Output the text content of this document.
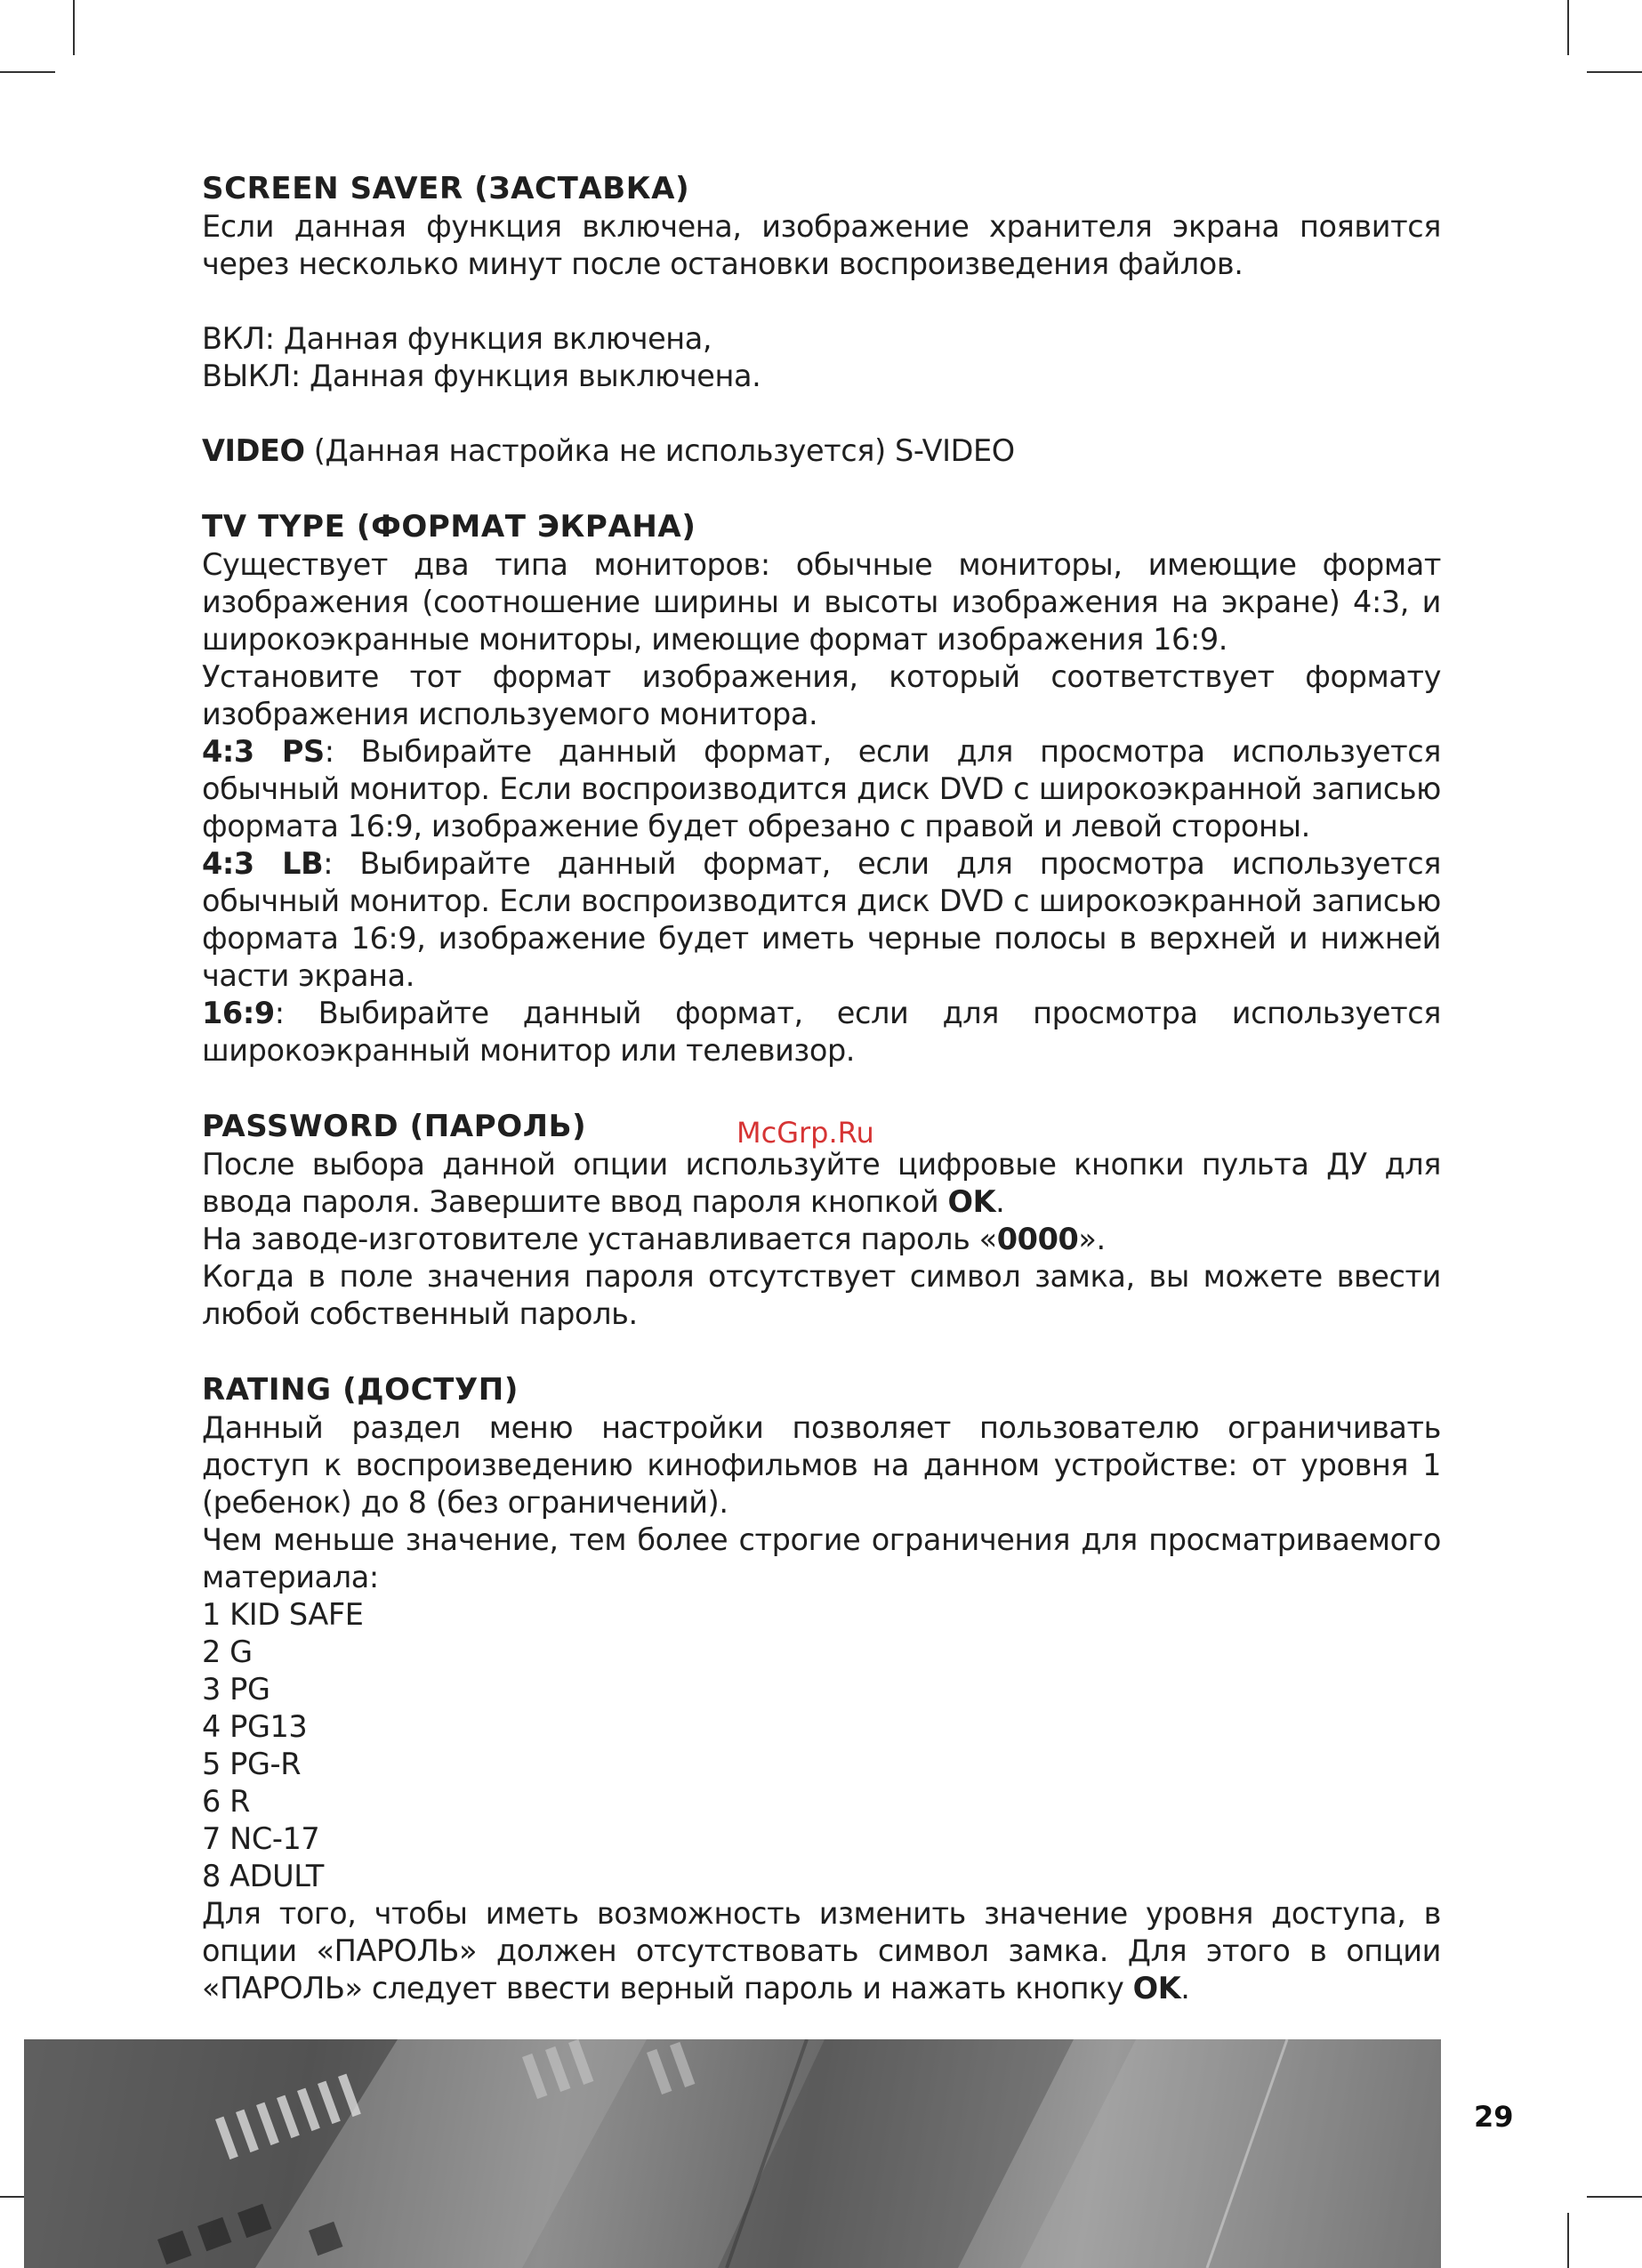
SCREEN SAVER (ЗАСТАВКА)

Если данная функция включена, изображение хранителя экрана появится через несколько минут после остановки воспроизведения файлов.

ВКЛ: Данная функция включена,

ВЫКЛ: Данная функция выключена.

VIDEO (Данная настройка не используется) S-VIDEO

TV TYPE (ФОРМАТ ЭКРАНА)

Существует два типа мониторов: обычные мониторы, имеющие формат изображения (соотношение ширины и высоты изображения на экране) 4:3, и широкоэкранные мониторы, имеющие формат изображения 16:9.

Установите тот формат изображения, который соответствует формату изображения используемого монитора.

4:3 PS: Выбирайте данный формат, если для просмотра используется обычный монитор. Если воспроизводится диск DVD с широкоэкранной записью формата 16:9, изображение будет обрезано с правой и левой стороны.

4:3 LB: Выбирайте данный формат, если для просмотра используется обычный монитор. Если воспроизводится диск DVD с широкоэкранной записью формата 16:9, изображение будет иметь черные полосы в верхней и нижней части экрана.

16:9: Выбирайте данный формат, если для просмотра используется широкоэкранный монитор или телевизор.

PASSWORD (ПАРОЛЬ)

После выбора данной опции используйте цифровые кнопки пульта ДУ для ввода пароля. Завершите ввод пароля кнопкой OK.

На заводе-изготовителе устанавливается пароль «0000».

Когда в поле значения пароля отсутствует символ замка, вы можете ввести любой собственный пароль.

RATING (ДОСТУП)

Данный раздел меню настройки позволяет пользователю ограничивать доступ к воспроизведению кинофильмов на данном устройстве: от уровня 1 (ребенок) до 8 (без ограничений).

Чем меньше значение, тем более строгие ограничения для просматриваемого материала:

1 KID SAFE
2 G
3 PG
4 PG13
5 PG-R
6 R
7 NC-17
8 ADULT

Для того, чтобы иметь возможность изменить значение уровня доступа, в опции «ПАРОЛЬ» должен отсутствовать символ замка. Для этого в опции «ПАРОЛЬ» следует ввести верный пароль и нажать кнопку OK.

McGrp.Ru
29
